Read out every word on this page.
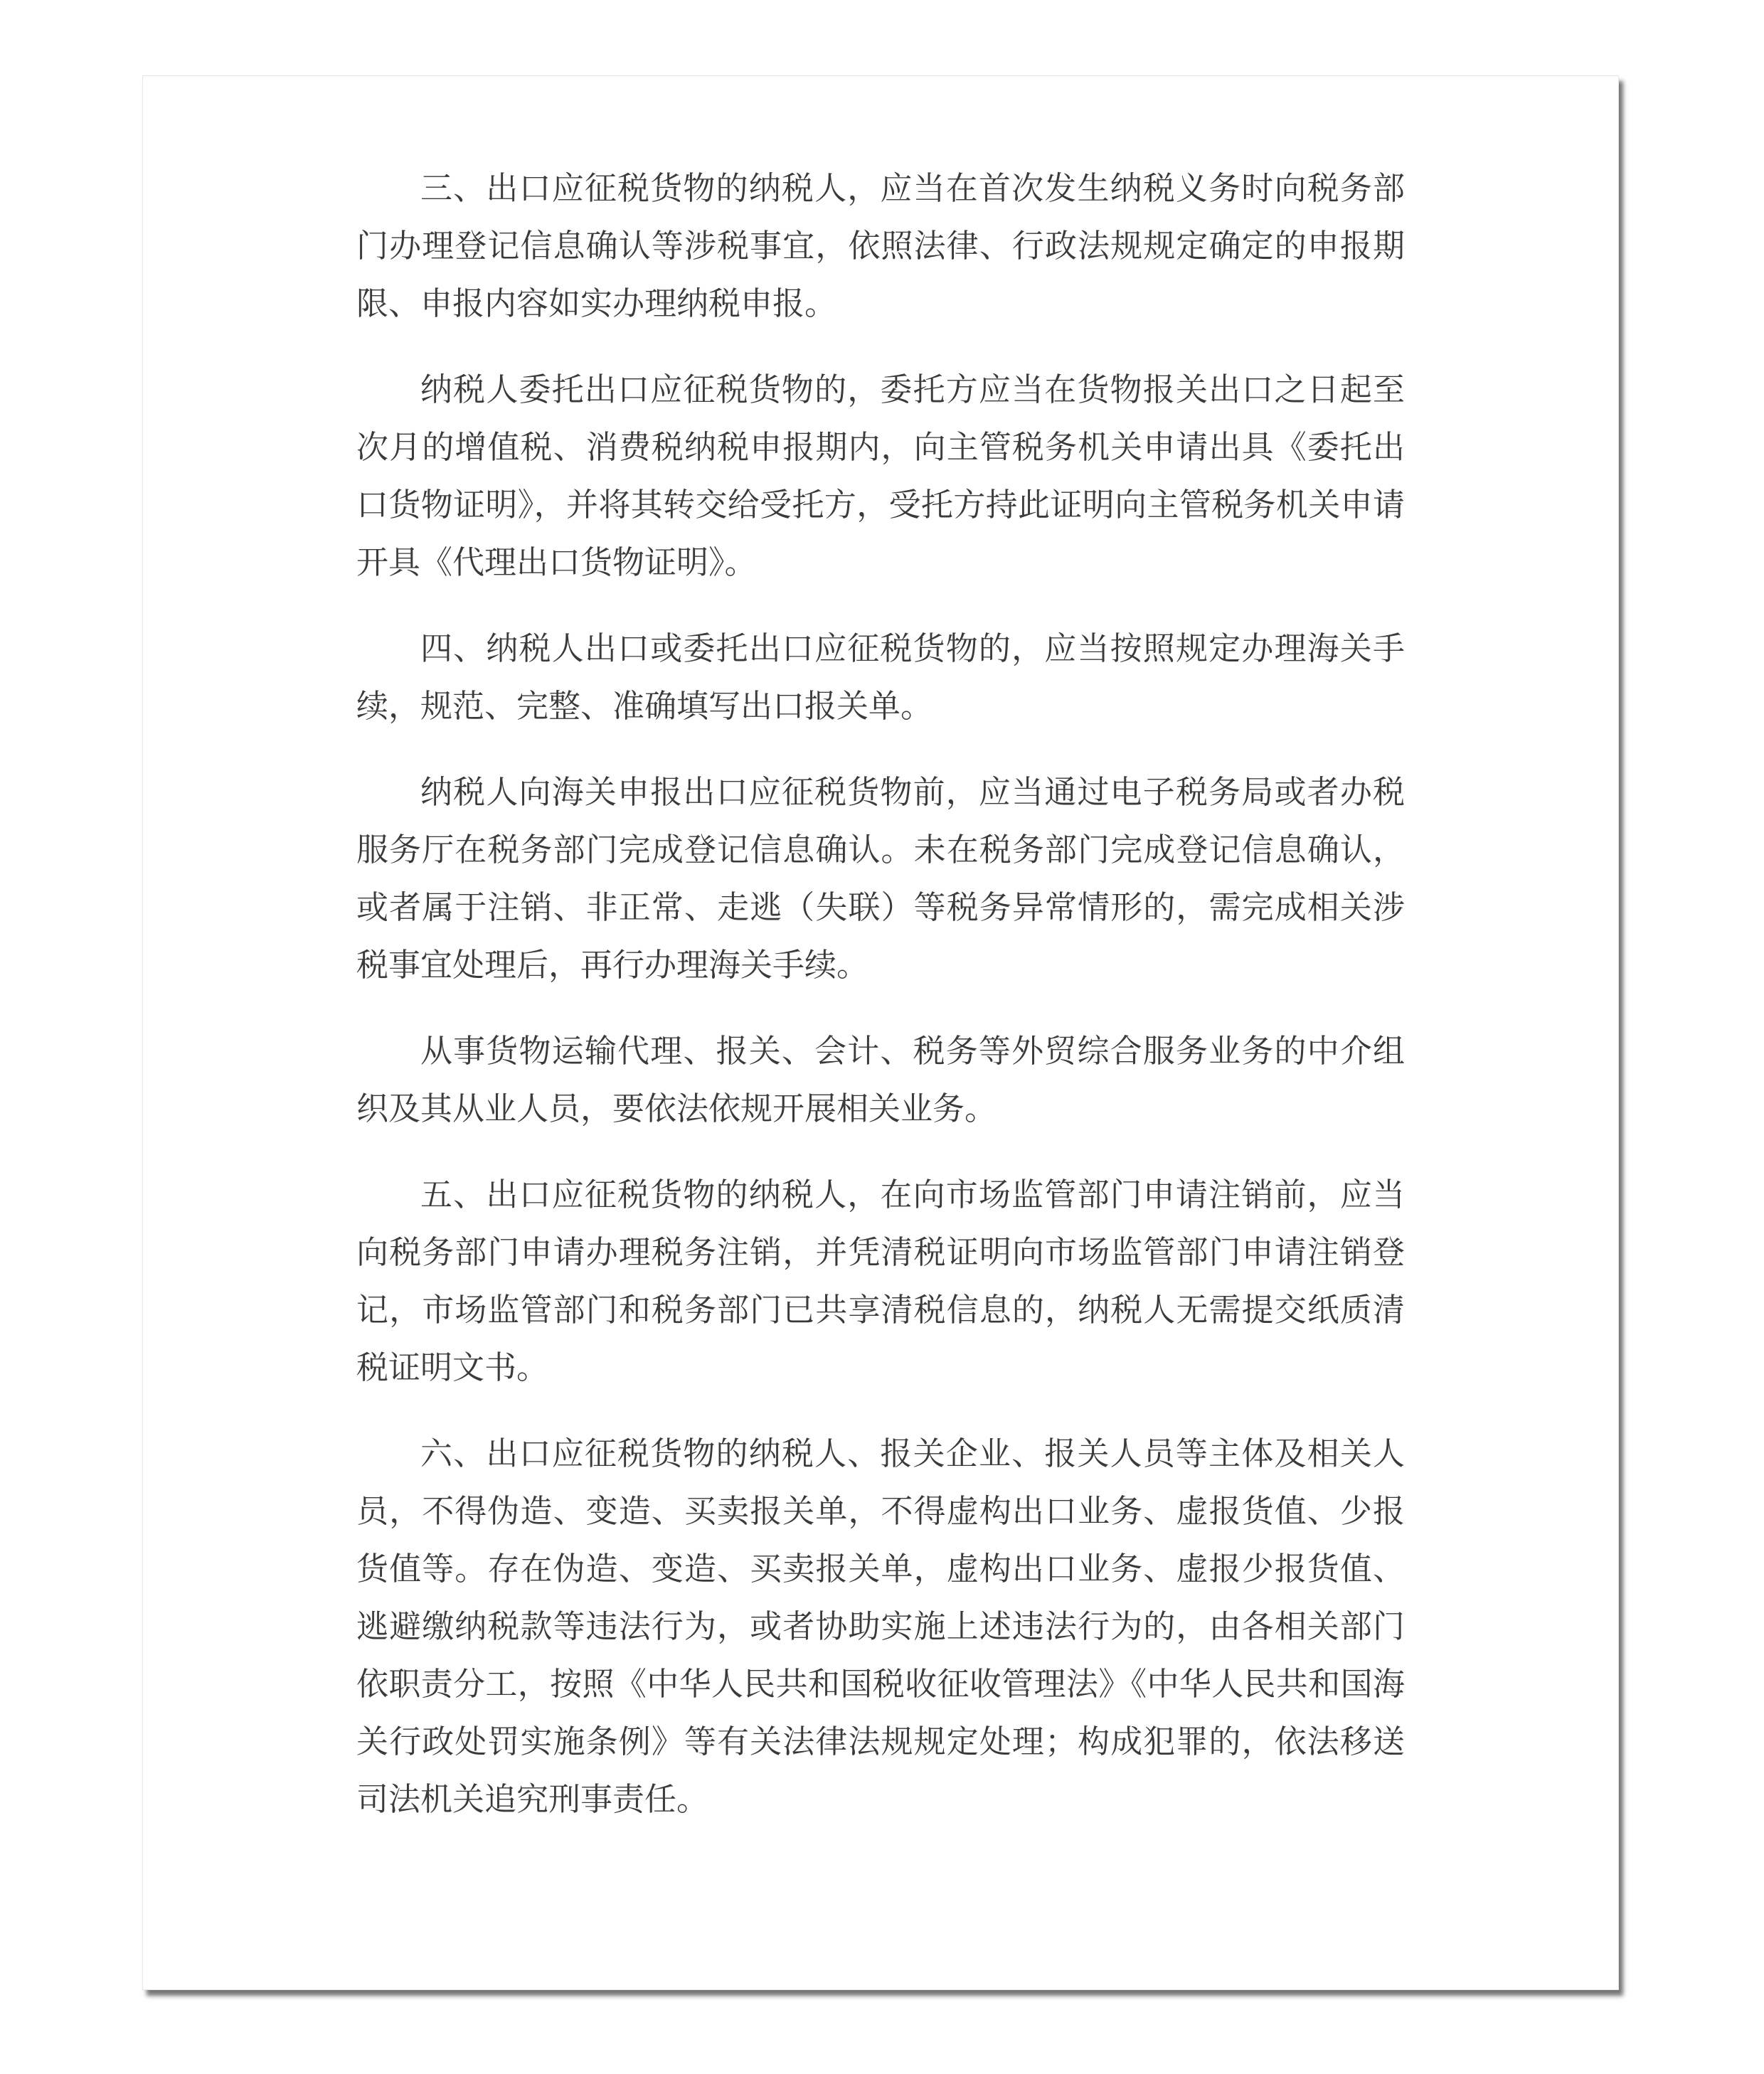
三、出口应征税货物的纳税人，应当在首次发生纳税义务时向税务部门办理登记信息确认等涉税事宜，依照法律、行政法规规定确定的申报期限、申报内容如实办理纳税申报。

纳税人委托出口应征税货物的，委托方应当在货物报关出口之日起至次月的增值税、消费税纳税申报期内，向主管税务机关申请出具《委托出口货物证明》，并将其转交给受托方，受托方持此证明向主管税务机关申请开具《代理出口货物证明》。

四、纳税人出口或委托出口应征税货物的，应当按照规定办理海关手续，规范、完整、准确填写出口报关单。

纳税人向海关申报出口应征税货物前，应当通过电子税务局或者办税服务厅在税务部门完成登记信息确认。未在税务部门完成登记信息确认，或者属于注销、非正常、走逃（失联）等税务异常情形的，需完成相关涉税事宜处理后，再行办理海关手续。

从事货物运输代理、报关、会计、税务等外贸综合服务业务的中介组织及其从业人员，要依法依规开展相关业务。

五、出口应征税货物的纳税人，在向市场监管部门申请注销前，应当向税务部门申请办理税务注销，并凭清税证明向市场监管部门申请注销登记，市场监管部门和税务部门已共享清税信息的，纳税人无需提交纸质清税证明文书。

六、出口应征税货物的纳税人、报关企业、报关人员等主体及相关人员，不得伪造、变造、买卖报关单，不得虚构出口业务、虚报货值、少报货值等。存在伪造、变造、买卖报关单，虚构出口业务、虚报少报货值、逃避缴纳税款等违法行为，或者协助实施上述违法行为的，由各相关部门依职责分工，按照《中华人民共和国税收征收管理法》《中华人民共和国海关行政处罚实施条例》等有关法律法规规定处理；构成犯罪的，依法移送司法机关追究刑事责任。
